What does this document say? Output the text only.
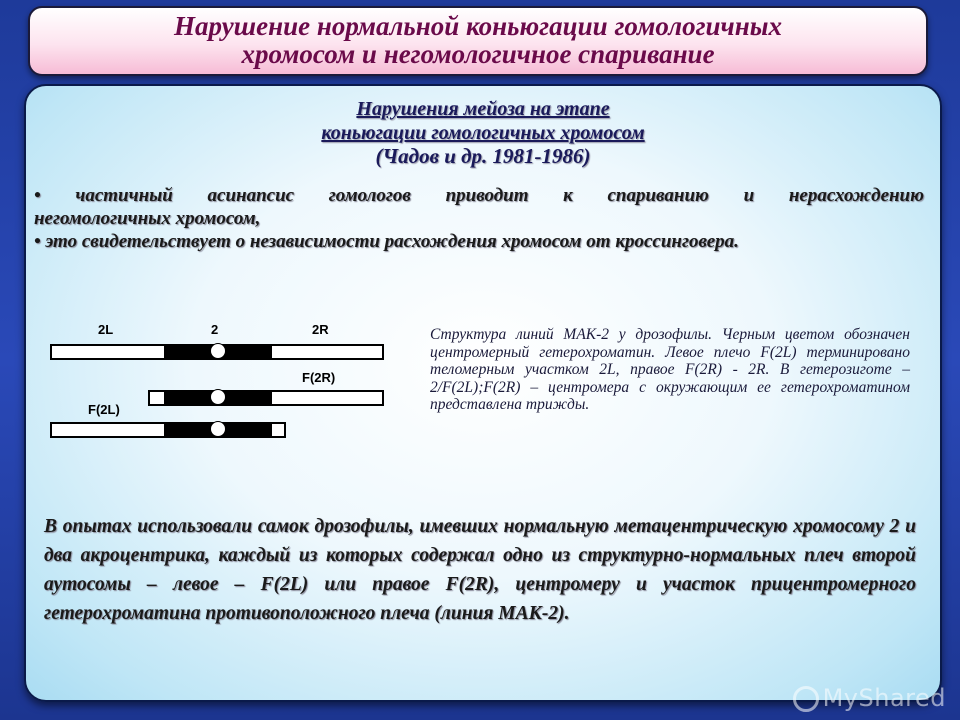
Нарушение нормальной коньюгации гомологичных
хромосом и негомологичное спаривание
Нарушения мейоза на этапе
коньюгации гомологичных хромосом
(Чадов и др. 1981-1986)

• частичный асинапсис гомологов приводит к спариванию и нерасхождению
негомологичных хромосом,

• это свидетельствует о независимости расхождения хромосом от кроссинговера.

2L	2	2R
F(2R)
F(2L)
Структура линий МАК-2 у дрозофилы. Черным цветом обозначен центромерный гетерохроматин. Левое плечо F(2L) терминировано теломерным участком 2L, правое F(2R) - 2R. В гетерозиготе – 2/F(2L);F(2R) – центромера с окружающим ее гетерохроматином представлена трижды.
В опытах использовали самок дрозофилы, имевших нормальную метацентрическую хромосому 2 и два акроцентрика, каждый из которых содержал одно из структурно-нормальных плеч второй аутосомы – левое – F(2L) или правое F(2R), центромеру и участок прицентромерного гетерохроматина противоположного плеча (линия МАК-2).
MyShared
